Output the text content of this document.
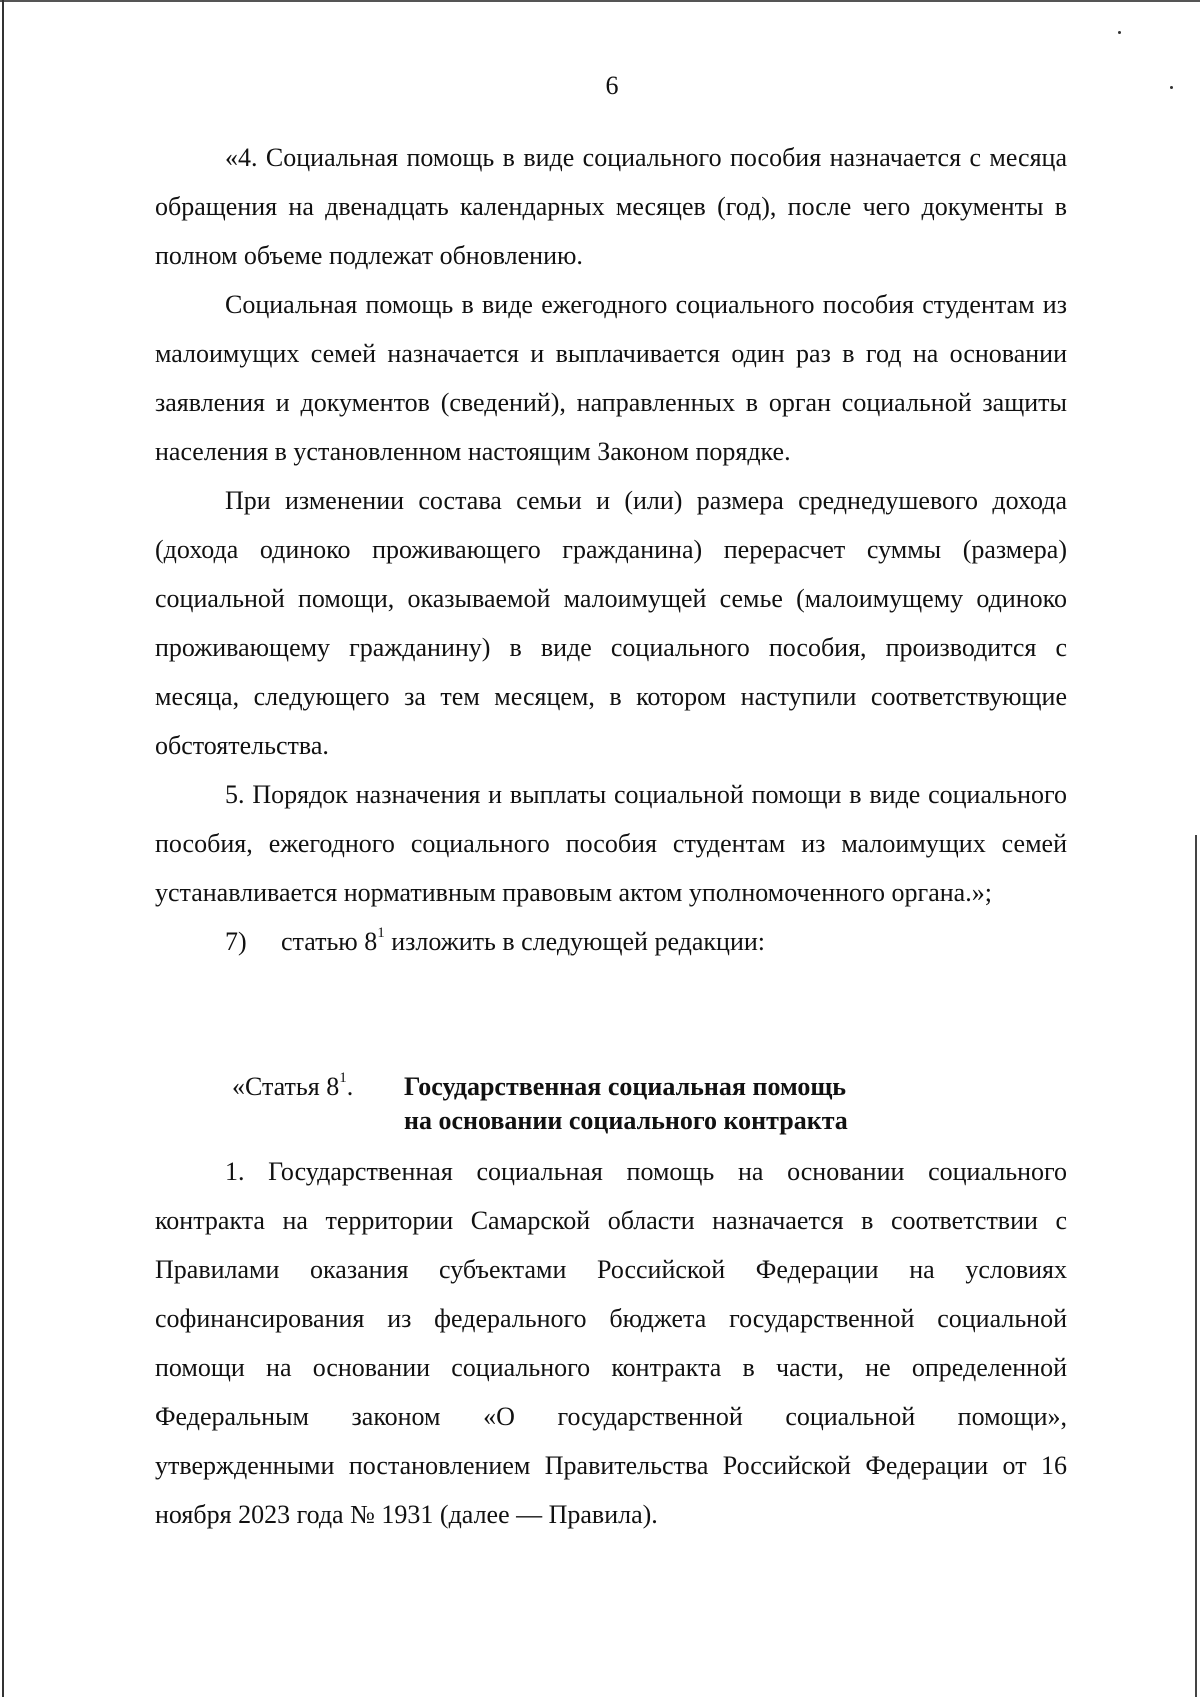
6

«4. Социальная помощь в виде социального пособия назначается с месяца обращения на двенадцать календарных месяцев (год), после чего документы в полном объеме подлежат обновлению.

Социальная помощь в виде ежегодного социального пособия студентам из малоимущих семей назначается и выплачивается один раз в год на основании заявления и документов (сведений), направленных в орган социальной защиты населения в установленном настоящим Законом порядке.

При изменении состава семьи и (или) размера среднедушевого дохода (дохода одиноко проживающего гражданина) перерасчет суммы (размера) социальной помощи, оказываемой малоимущей семье (малоимущему одиноко проживающему гражданину) в виде социального пособия, производится с месяца, следующего за тем месяцем, в котором наступили соответствующие обстоятельства.

5. Порядок назначения и выплаты социальной помощи в виде социального пособия, ежегодного социального пособия студентам из малоимущих семей устанавливается нормативным правовым актом уполномоченного органа.»;

7) статью $8^1$ изложить в следующей редакции:

«Статья $8^1$. Государственная социальная помощь
на основании социального контракта

1. Государственная социальная помощь на основании социального контракта на территории Самарской области назначается в соответствии с Правилами оказания субъектами Российской Федерации на условиях софинансирования из федерального бюджета государственной социальной помощи на основании социального контракта в части, не определенной Федеральным законом «О государственной социальной помощи», утвержденными постановлением Правительства Российской Федерации от 16 ноября 2023 года № 1931 (далее — Правила).
